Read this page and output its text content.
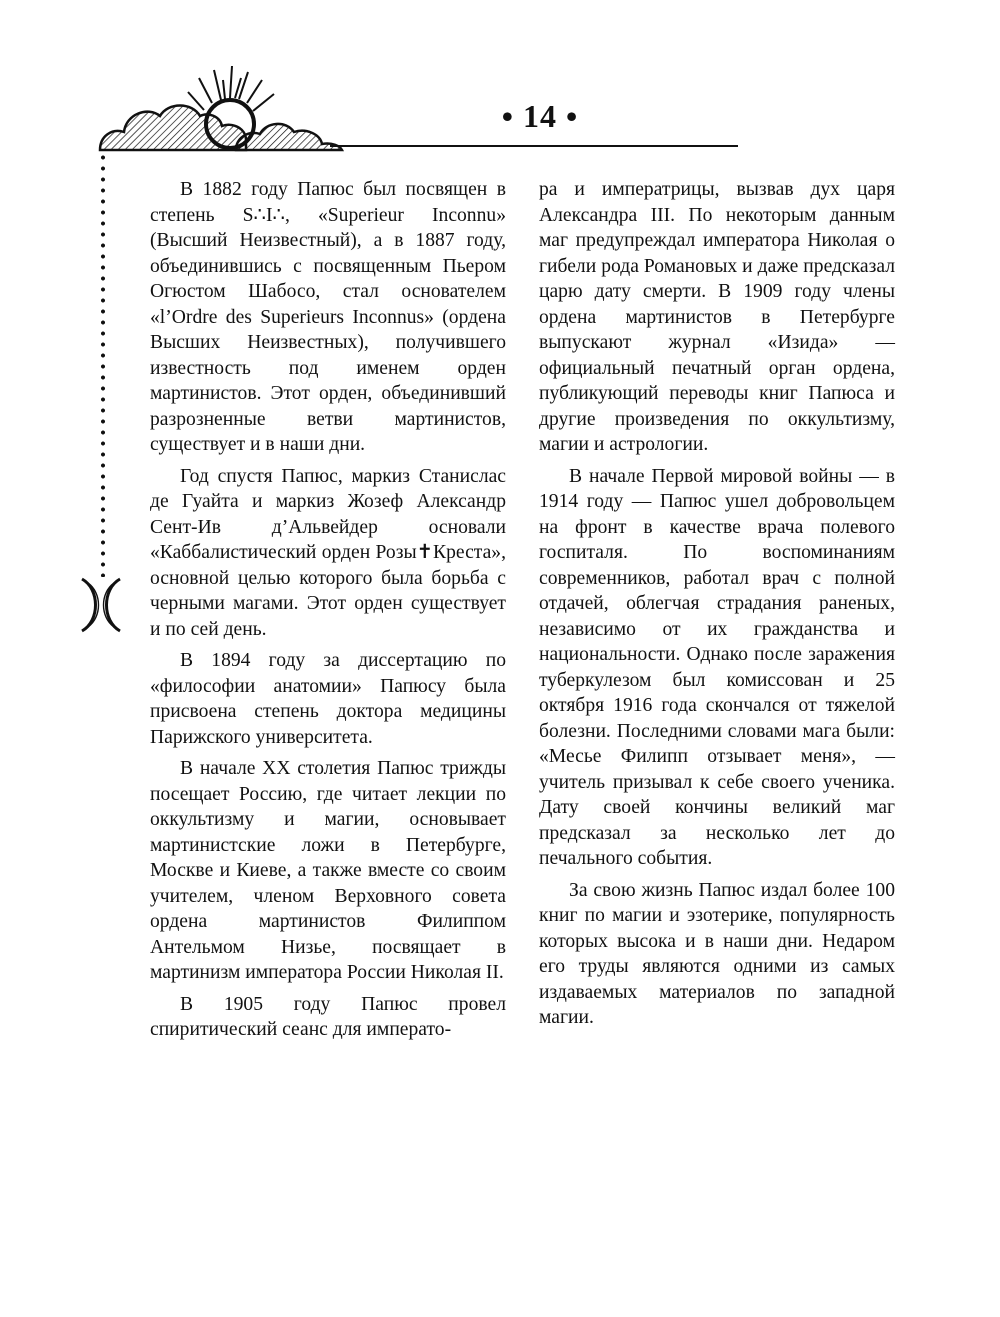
• 14 •

В 1882 году Папюс был посвящен в степень S∴I∴, «Superieur Inconnu» (Высший Неизвестный), а в 1887 году, объединившись с посвященным Пьером Огюстом Шабосо, стал основателем «l’Ordre des Superieurs Inconnus» (ордена Высших Неизвестных), получившего известность под именем орден мартинистов. Этот орден, объединивший разрозненные ветви мартинистов, существует и в наши дни.

Год спустя Папюс, маркиз Станислас де Гуайта и маркиз Жозеф Александр Сент-Ив д’Альвейдер основали «Каббалистический орден Розы✝Креста», основной целью которого была борьба с черными магами. Этот орден существует и по сей день.

В 1894 году за диссертацию по «философии анатомии» Папюсу была присвоена степень доктора медицины Парижского университета.

В начале XX столетия Папюс трижды посещает Россию, где читает лекции по оккультизму и магии, основывает мартинистские ложи в Петербурге, Москве и Киеве, а также вместе со своим учителем, членом Верховного совета ордена мартинистов Филиппом Антельмом Низье, посвящает в мартинизм императора России Николая II.

В 1905 году Папюс провел спиритический сеанс для императо-

ра и императрицы, вызвав дух царя Александра III. По некоторым данным маг предупреждал императора Николая о гибели рода Романовых и даже предсказал царю дату смерти. В 1909 году члены ордена мартинистов в Петербурге выпускают журнал «Изида» — официальный печатный орган ордена, публикующий переводы книг Папюса и другие произведения по оккультизму, магии и астрологии.

В начале Первой мировой войны — в 1914 году — Папюс ушел добровольцем на фронт в качестве врача полевого госпиталя. По воспоминаниям современников, работал врач с полной отдачей, облегчая страдания раненых, независимо от их гражданства и национальности. Однако после заражения туберкулезом был комиссован и 25 октября 1916 года скончался от тяжелой болезни. Последними словами мага были: «Месье Филипп отзывает меня», — учитель призывал к себе своего ученика. Дату своей кончины великий маг предсказал за несколько лет до печального события.

За свою жизнь Папюс издал более 100 книг по магии и эзотерике, популярность которых высока и в наши дни. Недаром его труды являются одними из самых издаваемых материалов по западной магии.
